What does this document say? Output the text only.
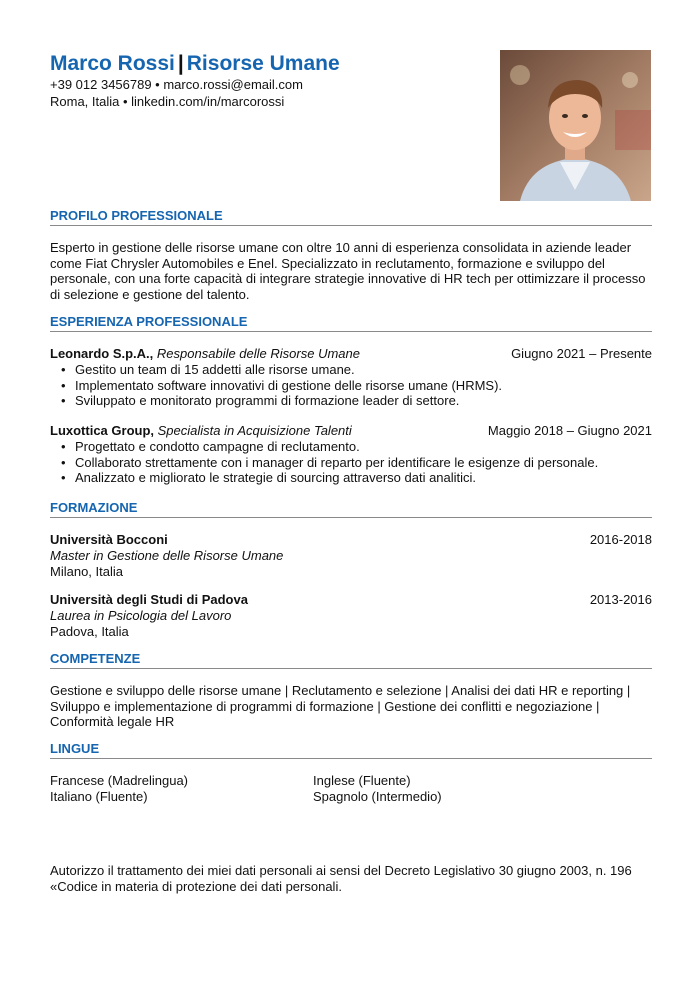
Marco Rossi | Risorse Umane
+39 012 3456789 • marco.rossi@email.com
Roma, Italia • linkedin.com/in/marcorossi
PROFILO PROFESSIONALE
Esperto in gestione delle risorse umane con oltre 10 anni di esperienza consolidata in aziende leader come Fiat Chrysler Automobiles e Enel. Specializzato in reclutamento, formazione e sviluppo del personale, con una forte capacità di integrare strategie innovative di HR tech per ottimizzare il processo di selezione e gestione del talento.
ESPERIENZA PROFESSIONALE
Leonardo S.p.A., Responsabile delle Risorse Umane	Giugno 2021 – Presente
• Gestito un team di 15 addetti alle risorse umane.
• Implementato software innovativi di gestione delle risorse umane (HRMS).
• Sviluppato e monitorato programmi di formazione leader di settore.
Luxottica Group, Specialista in Acquisizione Talenti	Maggio 2018 – Giugno 2021
• Progettato e condotto campagne di reclutamento.
• Collaborato strettamente con i manager di reparto per identificare le esigenze di personale.
• Analizzato e migliorato le strategie di sourcing attraverso dati analitici.
FORMAZIONE
Università Bocconi	2016-2018
Master in Gestione delle Risorse Umane
Milano, Italia
Università degli Studi di Padova	2013-2016
Laurea in Psicologia del Lavoro
Padova, Italia
COMPETENZE
Gestione e sviluppo delle risorse umane | Reclutamento e selezione | Analisi dei dati HR e reporting | Sviluppo e implementazione di programmi di formazione | Gestione dei conflitti e negoziazione | Conformità legale HR
LINGUE
Francese (Madrelingua)	Inglese (Fluente)
Italiano (Fluente)	Spagnolo (Intermedio)
Autorizzo il trattamento dei miei dati personali ai sensi del Decreto Legislativo 30 giugno 2003, n. 196
«Codice in materia di protezione dei dati personali.
